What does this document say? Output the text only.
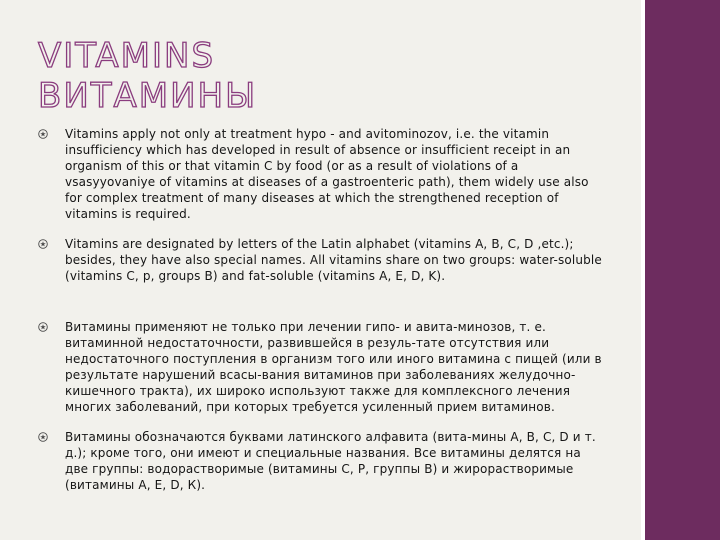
VITAMINS
ВИТАМИНЫ

Vitamins apply not only at treatment hypo - and avitominozov, i.e. the vitamin insufficiency which has developed in result of absence or insufficient receipt in an organism of this or that vitamin C by food (or as a result of violations of a vsasyyovaniye of vitamins at diseases of a gastroenteric path), them widely use also for complex treatment of many diseases at which the strengthened reception of vitamins is required.

Vitamins are designated by letters of the Latin alphabet (vitamins A, B, C, D ,etc.); besides, they have also special names. All vitamins share on two groups: water-soluble (vitamins C, p, groups B) and fat-soluble (vitamins A, E, D, K).

Витамины применяют не только при лечении гипо- и авита-минозов, т. е. витаминной недостаточности, развившейся в резуль-тате отсутствия или недостаточного поступления в организм того или иного витамина с пищей (или в результате нарушений всасы-вания витаминов при заболеваниях желудочно-кишечного тракта), их широко используют также для комплексного лечения многих заболеваний, при которых требуется усиленный прием витаминов.

Витамины обозначаются буквами латинского алфавита (вита-мины А, В, С, D и т. д.); кроме того, они имеют и специальные названия. Все витамины делятся на две группы: водорастворимые (витамины С, Р, группы В) и жирорастворимые (витамины А, Е, D, К).
